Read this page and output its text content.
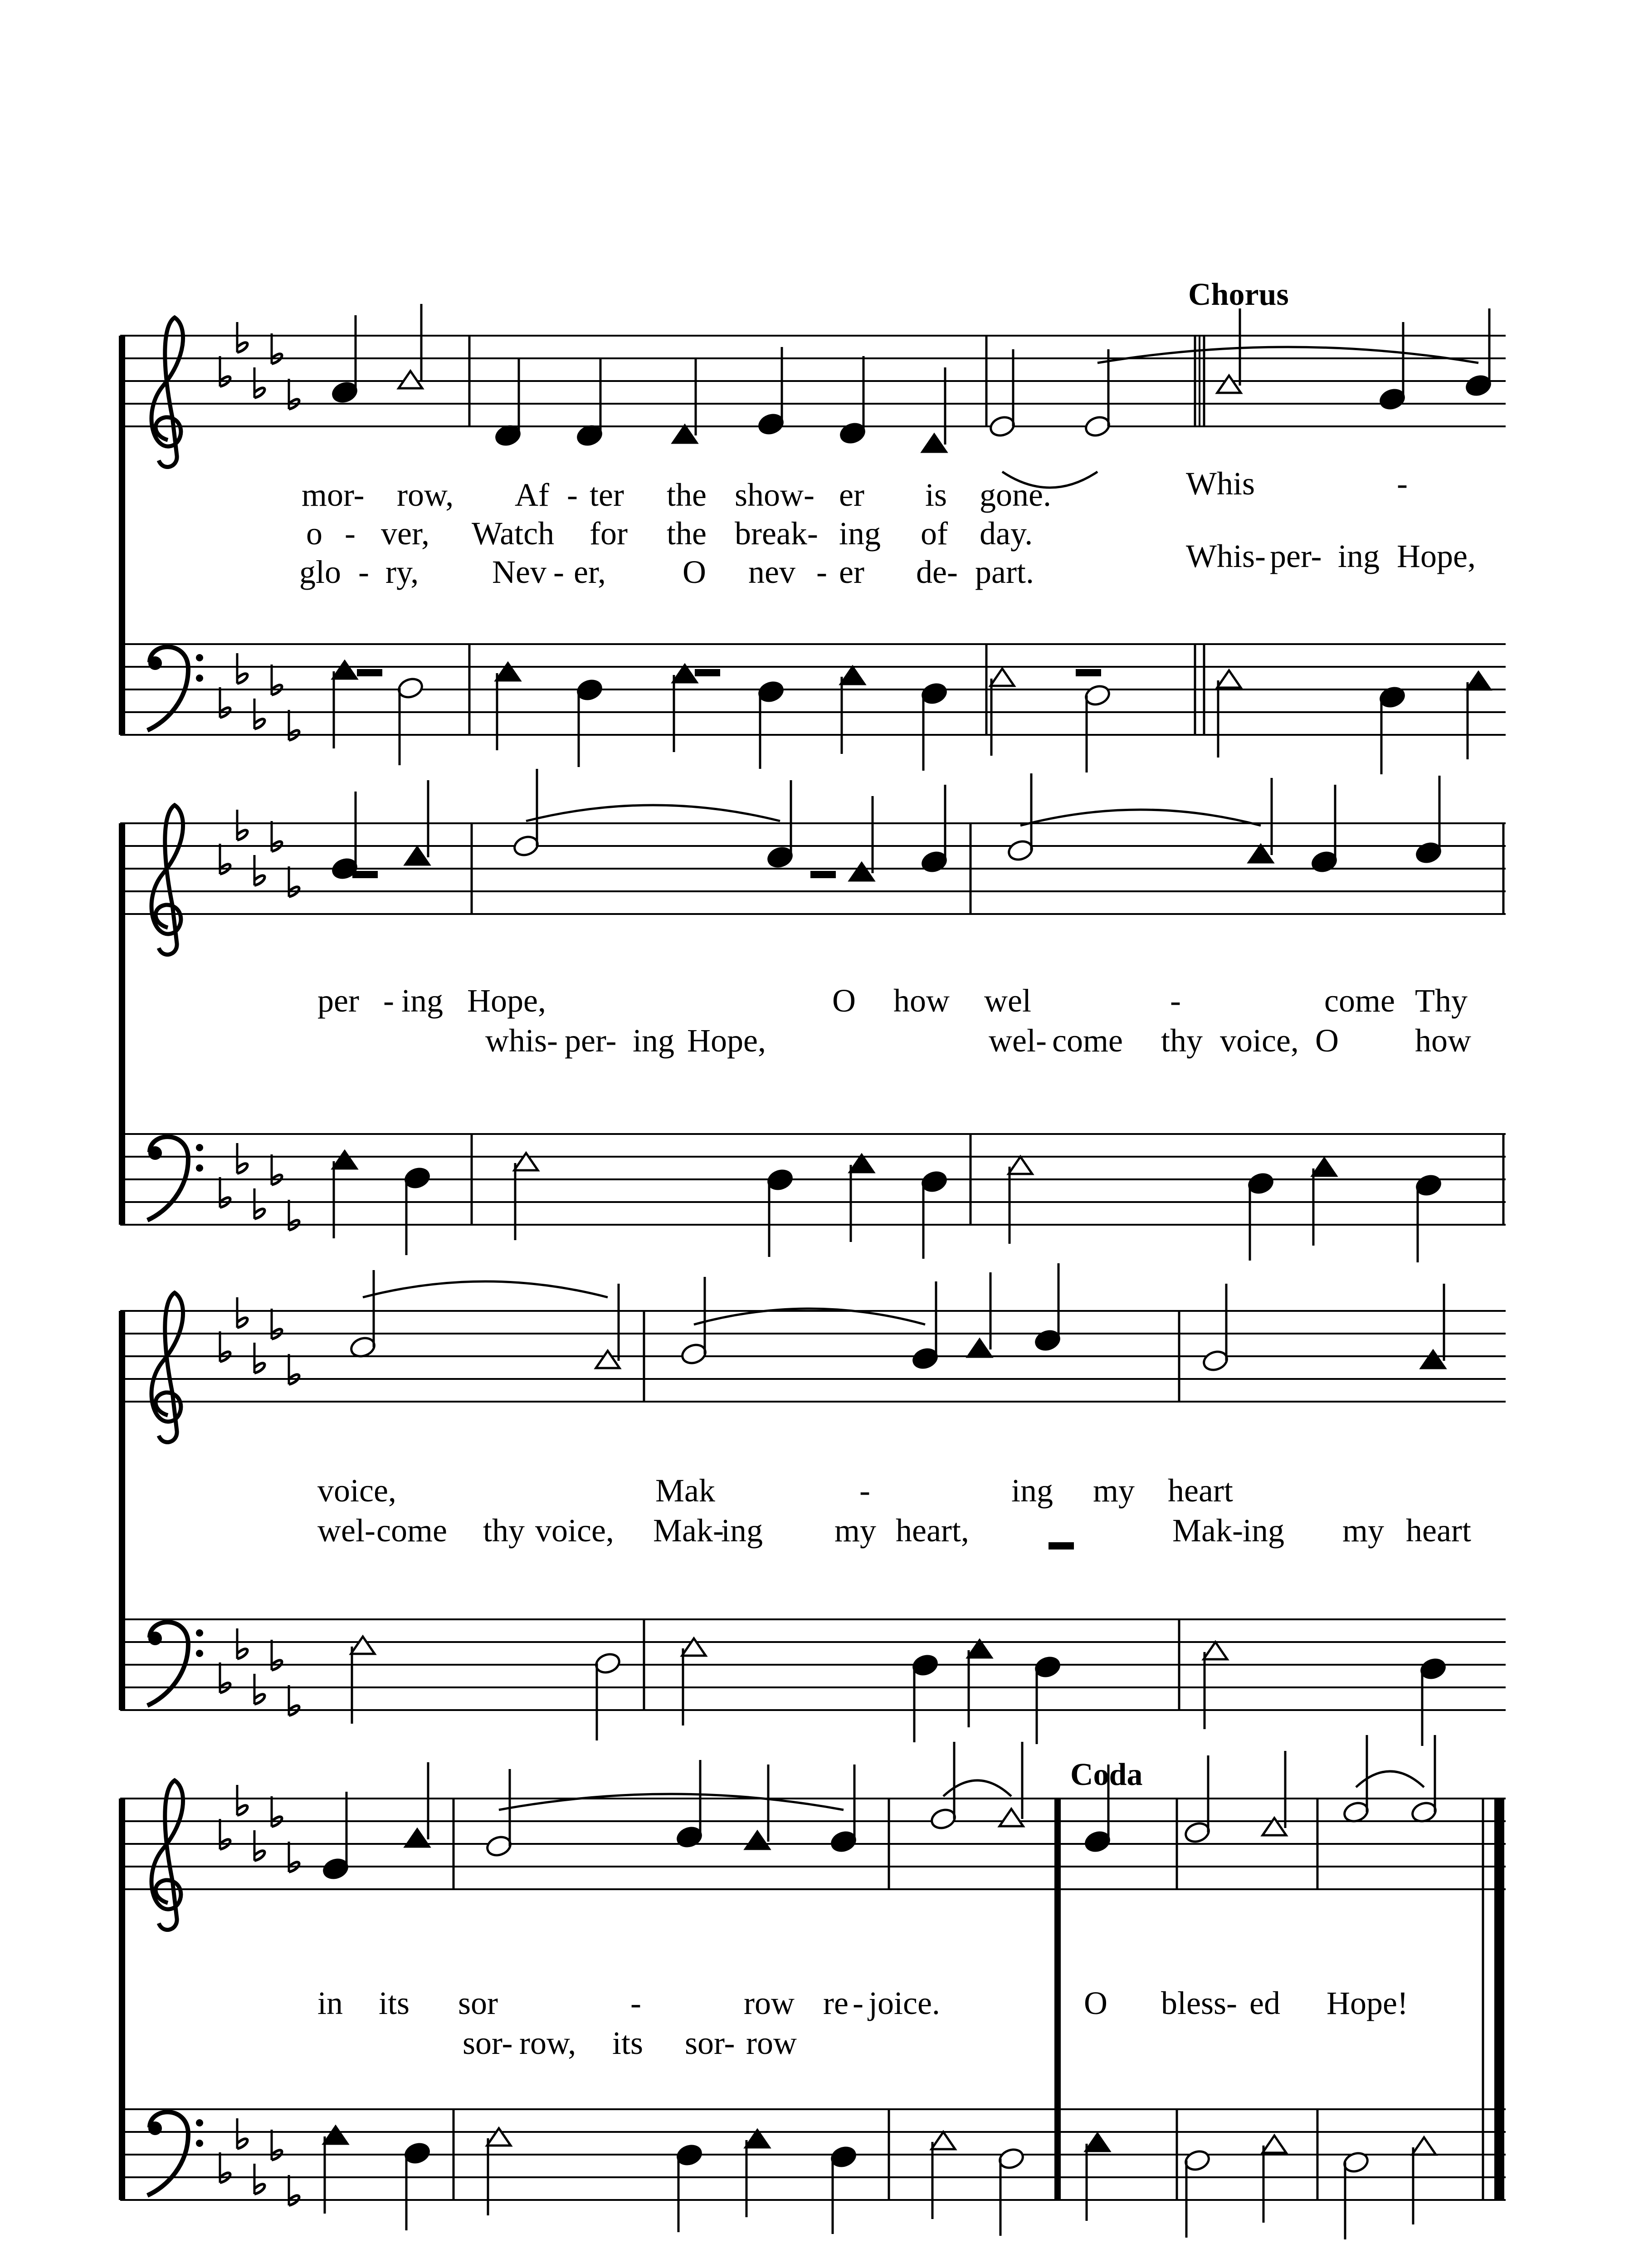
Chorus
Coda
mor- row, Af - ter the show- er is gone.	Whis	-
o - ver, Watch for the break- ing of day.
glo - ry, Nev - er, O nev - er de- part.	Whis- per- ing Hope,
per - ing Hope,	O how wel	-	come Thy
whis- per- ing Hope,	wel- come thy voice, O how
voice,	Mak	-	ing my heart
wel- come thy voice, Mak-
ing my heart,	Mak- ing my heart
in its sor	-	row re - joice.	O bless- ed Hope!
sor- row, its sor- row
